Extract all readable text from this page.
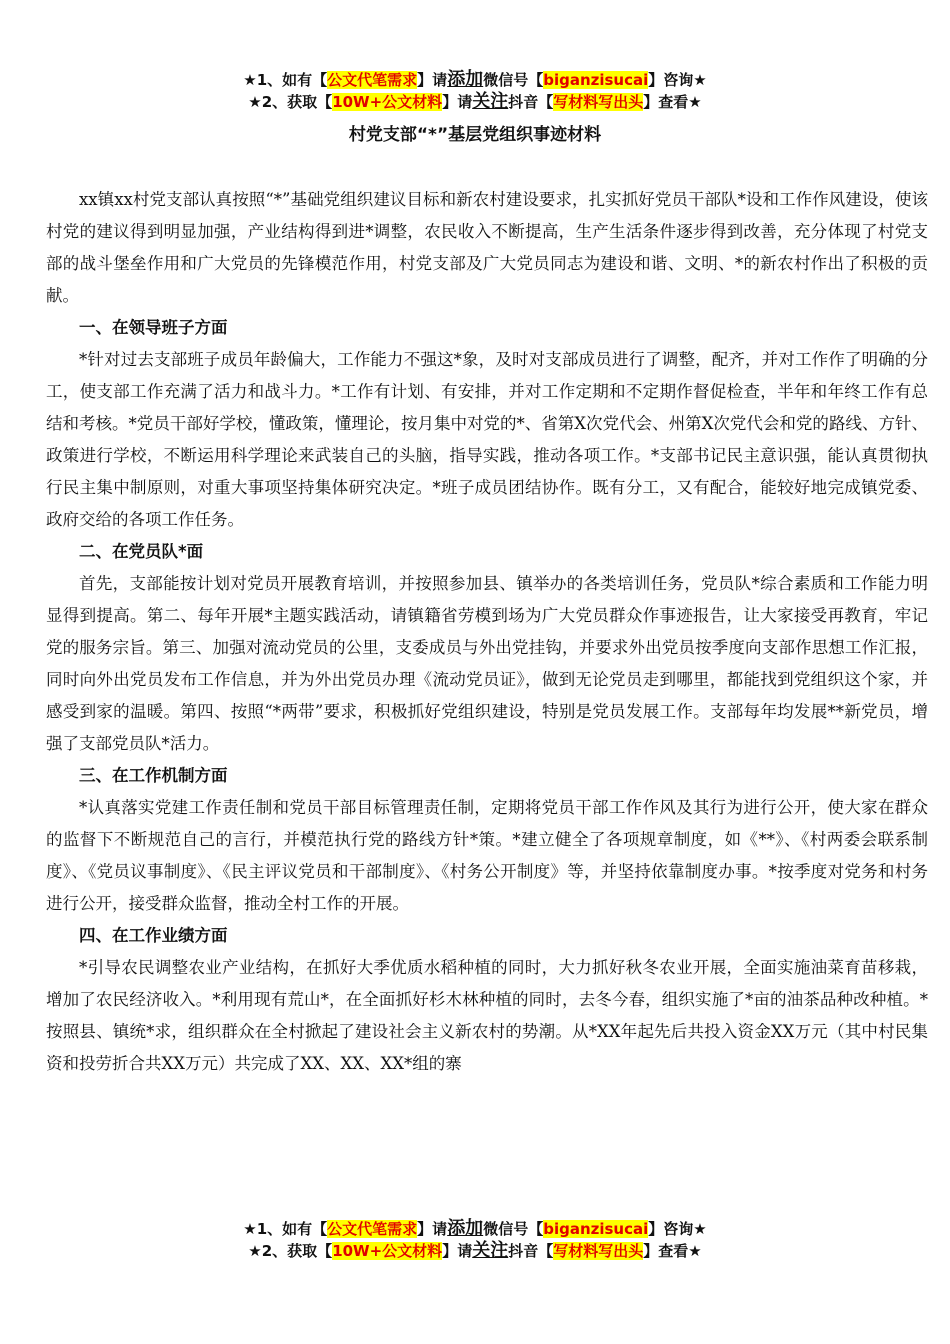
★1、如有【公文代笔需求】请添加微信号【biganzisucai】咨询★
★2、获取【10W+公文材料】请关注抖音【写材料写出头】查看★
村党支部“*”基层党组织事迹材料

xx镇xx村党支部认真按照“*”基础党组织建议目标和新农村建设要求，扎实抓好党员干部队*设和工作作风建设，使该村党的建议得到明显加强，产业结构得到进*调整，农民收入不断提高，生产生活条件逐步得到改善，充分体现了村党支部的战斗堡垒作用和广大党员的先锋模范作用，村党支部及广大党员同志为建设和谐、文明、*的新农村作出了积极的贡献。

一、在领导班子方面

*针对过去支部班子成员年龄偏大，工作能力不强这*象，及时对支部成员进行了调整，配齐，并对工作作了明确的分工，使支部工作充满了活力和战斗力。*工作有计划、有安排，并对工作定期和不定期作督促检查，半年和年终工作有总结和考核。*党员干部好学校，懂政策，懂理论，按月集中对党的*、省第X次党代会、州第X次党代会和党的路线、方针、政策进行学校，不断运用科学理论来武装自己的头脑，指导实践，推动各项工作。*支部书记民主意识强，能认真贯彻执行民主集中制原则，对重大事项坚持集体研究决定。*班子成员团结协作。既有分工，又有配合，能较好地完成镇党委、政府交给的各项工作任务。

二、在党员队*面

首先，支部能按计划对党员开展教育培训，并按照参加县、镇举办的各类培训任务，党员队*综合素质和工作能力明显得到提高。第二、每年开展*主题实践活动，请镇籍省劳模到场为广大党员群众作事迹报告，让大家接受再教育，牢记党的服务宗旨。第三、加强对流动党员的公里，支委成员与外出党挂钩，并要求外出党员按季度向支部作思想工作汇报，同时向外出党员发布工作信息，并为外出党员办理《流动党员证》，做到无论党员走到哪里，都能找到党组织这个家，并感受到家的温暖。第四、按照“*两带”要求，积极抓好党组织建设，特别是党员发展工作。支部每年均发展**新党员，增强了支部党员队*活力。

三、在工作机制方面

*认真落实党建工作责任制和党员干部目标管理责任制，定期将党员干部工作作风及其行为进行公开，使大家在群众的监督下不断规范自己的言行，并模范执行党的路线方针*策。*建立健全了各项规章制度，如《**》、《村两委会联系制度》、《党员议事制度》、《民主评议党员和干部制度》、《村务公开制度》等，并坚持依靠制度办事。*按季度对党务和村务进行公开，接受群众监督，推动全村工作的开展。

四、在工作业绩方面

*引导农民调整农业产业结构，在抓好大季优质水稻种植的同时，大力抓好秋冬农业开展，全面实施油菜育苗移栽，增加了农民经济收入。*利用现有荒山*，在全面抓好杉木林种植的同时，去冬今春，组织实施了*亩的油茶品种改种植。*按照县、镇统*求，组织群众在全村掀起了建设社会主义新农村的势潮。从*XX年起先后共投入资金XX万元（其中村民集资和投劳折合共XX万元）共完成了XX、XX、XX*组的寨

★1、如有【公文代笔需求】请添加微信号【biganzisucai】咨询★
★2、获取【10W+公文材料】请关注抖音【写材料写出头】查看★
